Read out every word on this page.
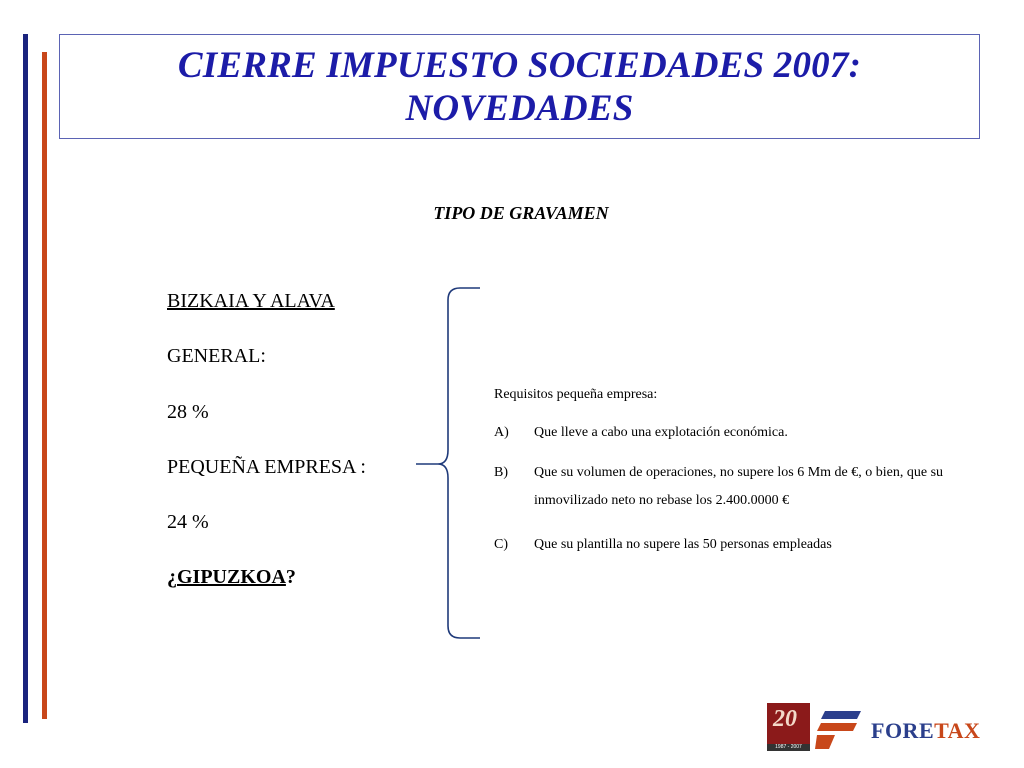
CIERRE IMPUESTO SOCIEDADES 2007:
NOVEDADES
TIPO DE GRAVAMEN
BIZKAIA Y ALAVA
GENERAL:
28 %
PEQUEÑA EMPRESA :
24 %
¿GIPUZKOA?
Requisitos pequeña empresa:
A) Que lleve a cabo una explotación económica.
B) Que su volumen de operaciones, no supere los 6 Mm de €, o bien, que su inmovilizado neto no rebase los 2.400.0000 €
C) Que su plantilla no supere las 50 personas empleadas
20
1987 - 2007
FORETAX
